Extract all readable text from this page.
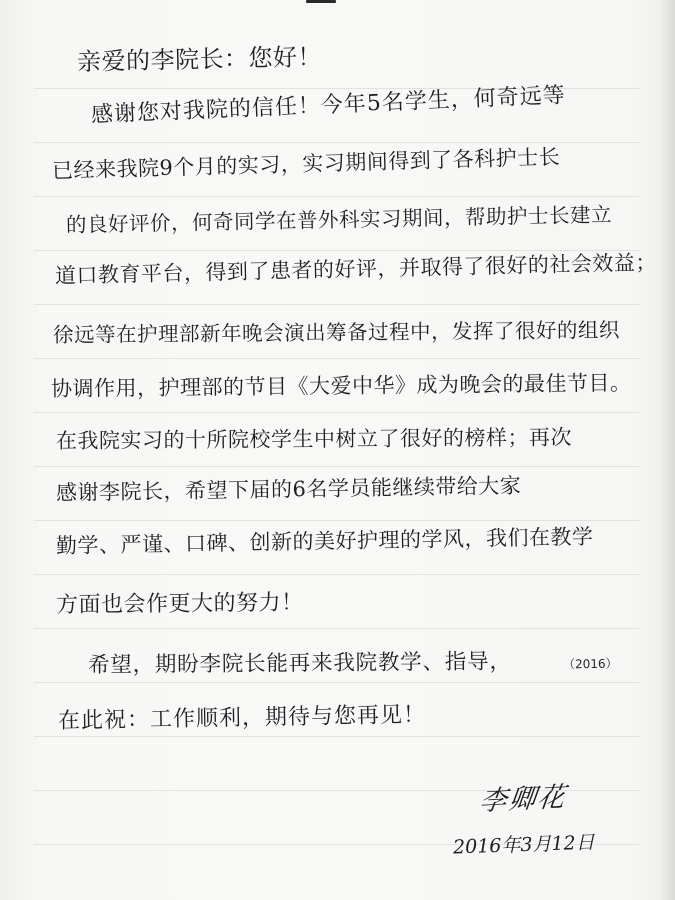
亲爱的李院长：您好！
感谢您对我院的信任！今年5名学生，何奇远等
已经来我院9个月的实习，实习期间得到了各科护士长
的良好评价，何奇同学在普外科实习期间，帮助护士长建立
道口教育平台，得到了患者的好评，并取得了很好的社会效益；
徐远等在护理部新年晚会演出筹备过程中，发挥了很好的组织
协调作用，护理部的节目《大爱中华》成为晚会的最佳节目。
在我院实习的十所院校学生中树立了很好的榜样；再次
感谢李院长，希望下届的6名学员能继续带给大家
勤学、严谨、口碑、创新的美好护理的学风，我们在教学
方面也会作更大的努力！
希望，期盼李院长能再来我院教学、指导，	（2016）
在此祝：工作顺利，期待与您再见！
李卿花
2016年3月12日
